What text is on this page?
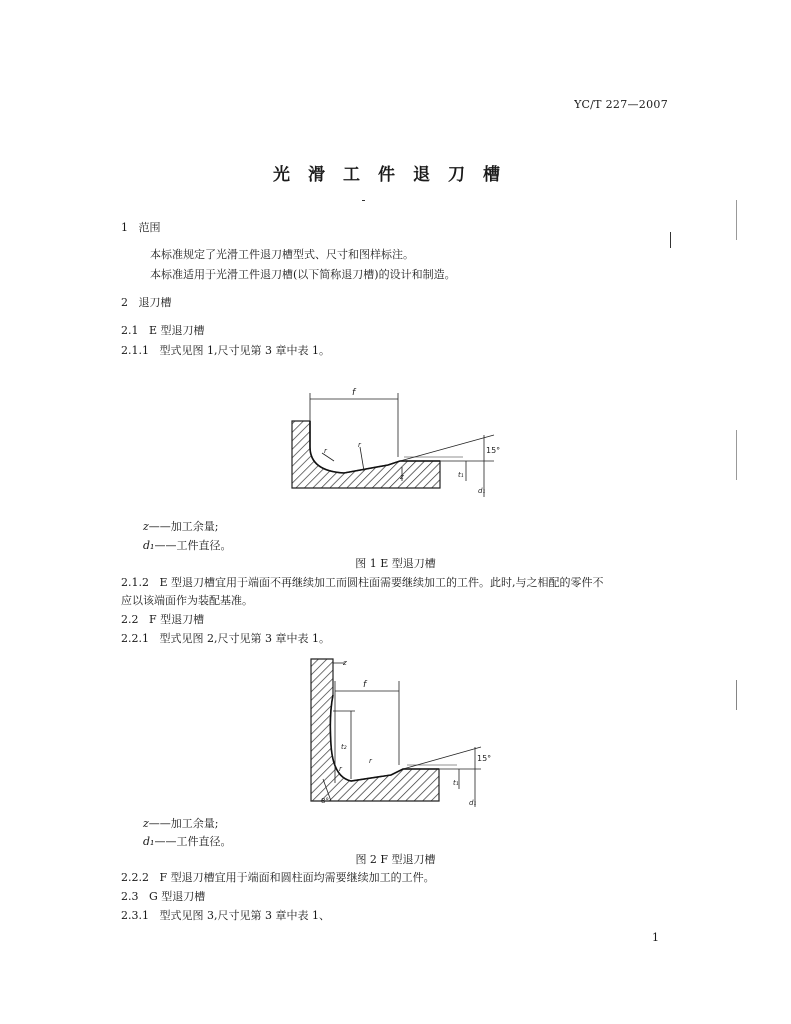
YC/T 227—2007
光滑工件退刀槽
1 范围
本标准规定了光滑工件退刀槽型式、尺寸和图样标注。
本标准适用于光滑工件退刀槽(以下简称退刀槽)的设计和制造。
2 退刀槽
2.1 E 型退刀槽
2.1.1 型式见图 1,尺寸见第 3 章中表 1。
f
r
r
z	t₁
d₁
15°
z——加工余量;
d₁——工件直径。
图 1 E 型退刀槽
2.1.2 E 型退刀槽宜用于端面不再继续加工而圆柱面需要继续加工的工件。此时,与之相配的零件不
应以该端面作为装配基准。
2.2 F 型退刀槽
2.2.1 型式见图 2,尺寸见第 3 章中表 1。
z
f
t₂
r
r
t₁
d₁
15°
8°
z——加工余量;
d₁——工件直径。
图 2 F 型退刀槽
2.2.2 F 型退刀槽宜用于端面和圆柱面均需要继续加工的工件。
2.3 G 型退刀槽
2.3.1 型式见图 3,尺寸见第 3 章中表 1、
1
